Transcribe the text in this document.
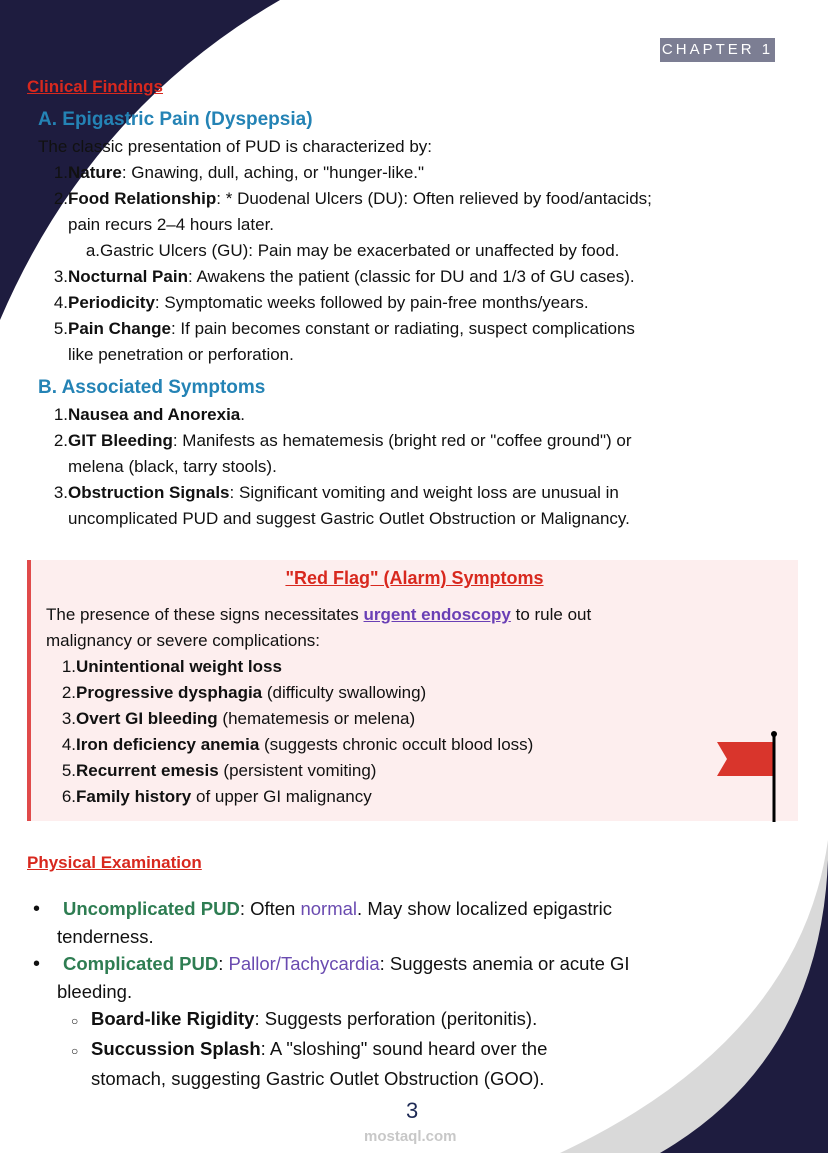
CHAPTER 1
Clinical Findings
A. Epigastric Pain (Dyspepsia)
The classic presentation of PUD is characterized by:
1.Nature: Gnawing, dull, aching, or "hunger-like."
2.Food Relationship: * Duodenal Ulcers (DU): Often relieved by food/antacids;
pain recurs 2–4 hours later.
a.Gastric Ulcers (GU): Pain may be exacerbated or unaffected by food.
3.Nocturnal Pain: Awakens the patient (classic for DU and 1/3 of GU cases).
4.Periodicity: Symptomatic weeks followed by pain-free months/years.
5.Pain Change: If pain becomes constant or radiating, suspect complications
like penetration or perforation.
B. Associated Symptoms
1.Nausea and Anorexia.
2.GIT Bleeding: Manifests as hematemesis (bright red or "coffee ground") or
melena (black, tarry stools).
3.Obstruction Signals: Significant vomiting and weight loss are unusual in
uncomplicated PUD and suggest Gastric Outlet Obstruction or Malignancy.
"Red Flag" (Alarm) Symptoms
The presence of these signs necessitates urgent endoscopy to rule out
malignancy or severe complications:
1.Unintentional weight loss
2.Progressive dysphagia (difficulty swallowing)
3.Overt GI bleeding (hematemesis or melena)
4.Iron deficiency anemia (suggests chronic occult blood loss)
5.Recurrent emesis (persistent vomiting)
6.Family history of upper GI malignancy
Physical Examination
• Uncomplicated PUD: Often normal. May show localized epigastric
tenderness.
• Complicated PUD: Pallor/Tachycardia: Suggests anemia or acute GI
bleeding.
○ Board-like Rigidity: Suggests perforation (peritonitis).
○ Succussion Splash: A "sloshing" sound heard over the
stomach, suggesting Gastric Outlet Obstruction (GOO).
3
mostaql.com
